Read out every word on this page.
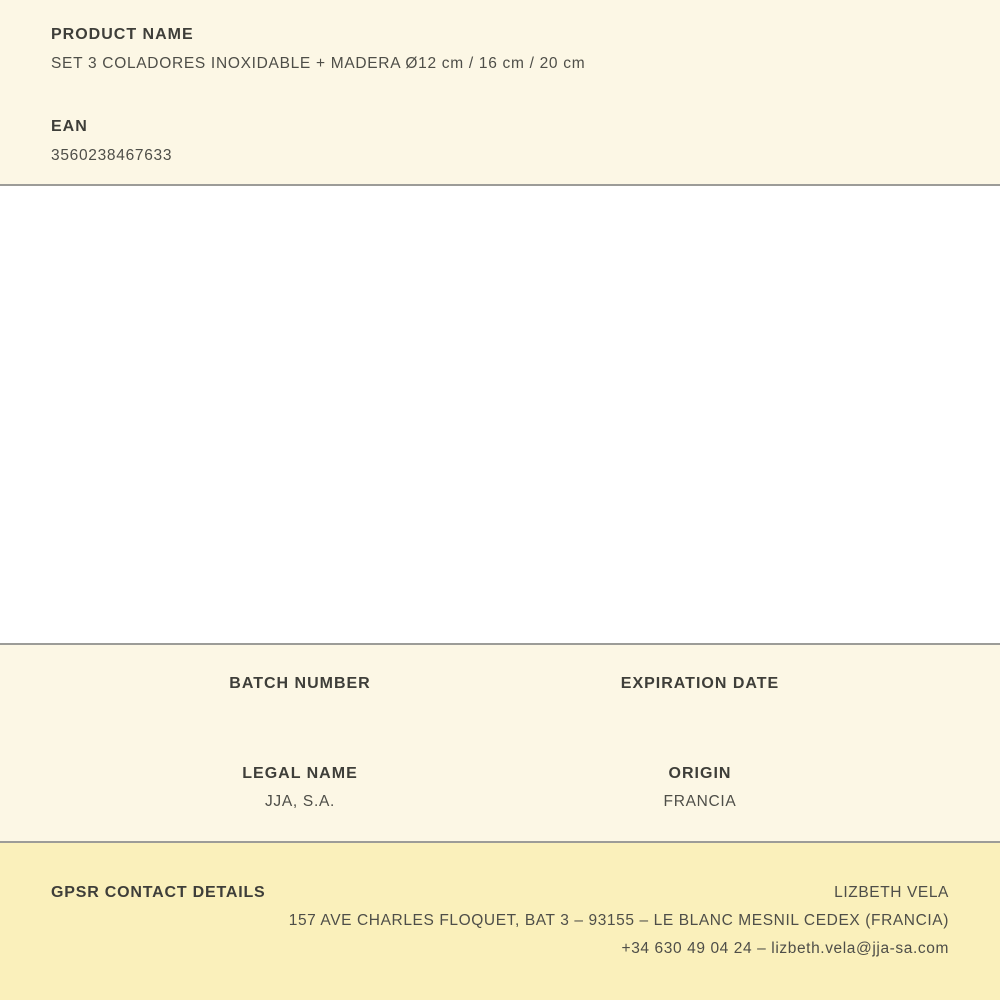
PRODUCT NAME
SET 3 COLADORES INOXIDABLE + MADERA Ø12 cm / 16 cm / 20 cm
EAN
3560238467633
BATCH NUMBER	EXPIRATION DATE
LEGAL NAME
JJA, S.A.
ORIGIN
FRANCIA
GPSR CONTACT DETAILS	LIZBETH VELA
157 AVE CHARLES FLOQUET, BAT 3 – 93155 – LE BLANC MESNIL CEDEX (FRANCIA)
+34 630 49 04 24 – lizbeth.vela@jja-sa.com
